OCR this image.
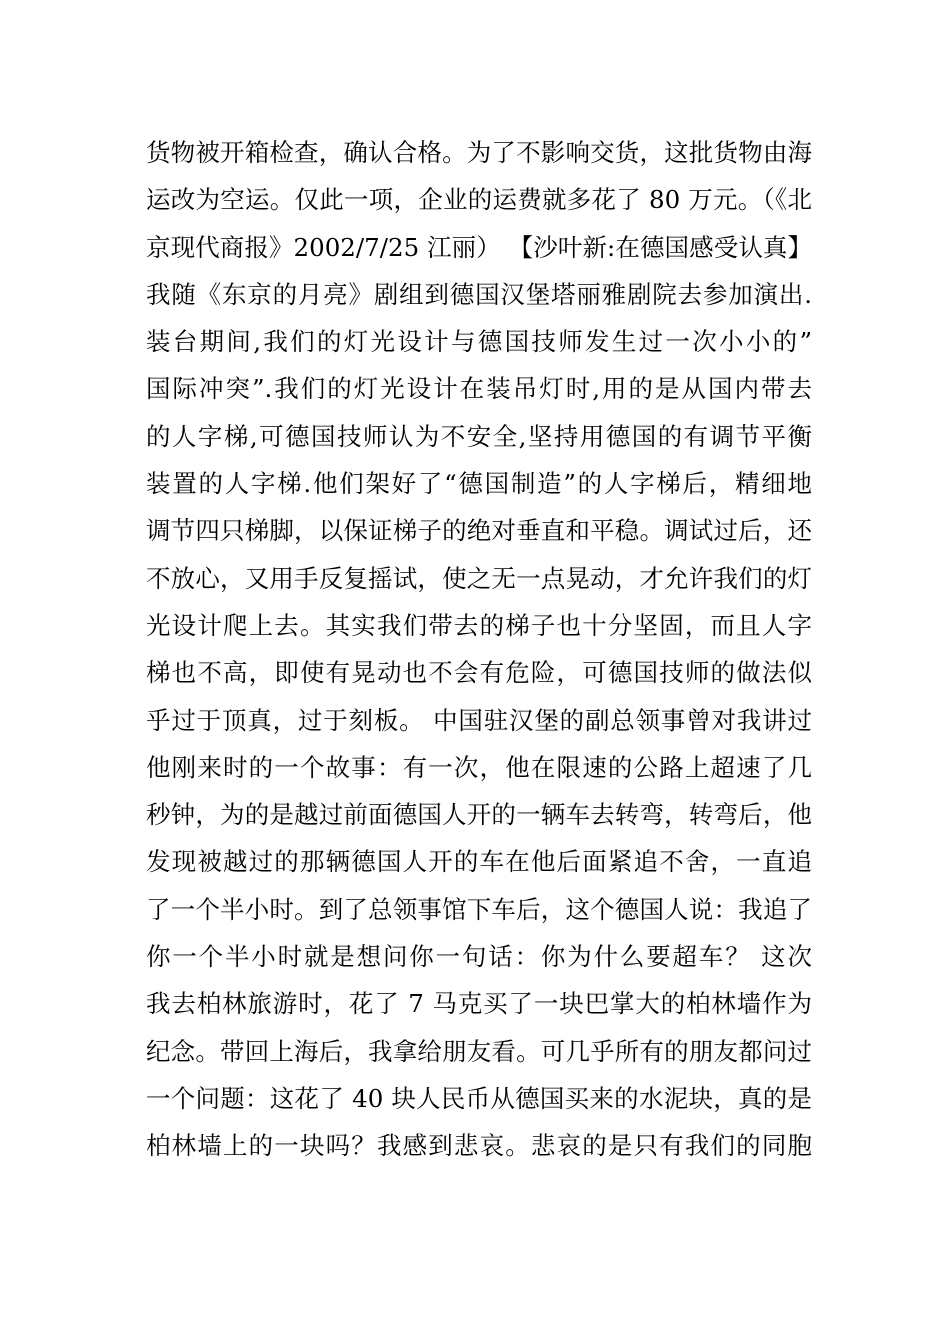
货物被开箱检查，确认合格。为了不影响交货，这批货物由海
运改为空运。仅此一项，企业的运费就多花了 80 万元。（《北
京现代商报》2002/7/25 江丽） 【沙叶新:在德国感受认真】
我随《东京的月亮》剧组到德国汉堡塔丽雅剧院去参加演出.
装台期间,我们的灯光设计与德国技师发生过一次小小的”
国际冲突”.我们的灯光设计在装吊灯时,用的是从国内带去
的人字梯,可德国技师认为不安全,坚持用德国的有调节平衡
装置的人字梯.他们架好了“德国制造”的人字梯后，精细地
调节四只梯脚，以保证梯子的绝对垂直和平稳。调试过后，还
不放心，又用手反复摇试，使之无一点晃动，才允许我们的灯
光设计爬上去。其实我们带去的梯子也十分坚固，而且人字
梯也不高，即使有晃动也不会有危险，可德国技师的做法似
乎过于顶真，过于刻板。 中国驻汉堡的副总领事曾对我讲过
他刚来时的一个故事：有一次，他在限速的公路上超速了几
秒钟，为的是越过前面德国人开的一辆车去转弯，转弯后，他
发现被越过的那辆德国人开的车在他后面紧追不舍，一直追
了一个半小时。到了总领事馆下车后，这个德国人说：我追了
你一个半小时就是想问你一句话：你为什么要超车？ 这次
我去柏林旅游时，花了 7 马克买了一块巴掌大的柏林墙作为
纪念。带回上海后，我拿给朋友看。可几乎所有的朋友都问过
一个问题：这花了 40 块人民币从德国买来的水泥块，真的是
柏林墙上的一块吗？我感到悲哀。悲哀的是只有我们的同胞
